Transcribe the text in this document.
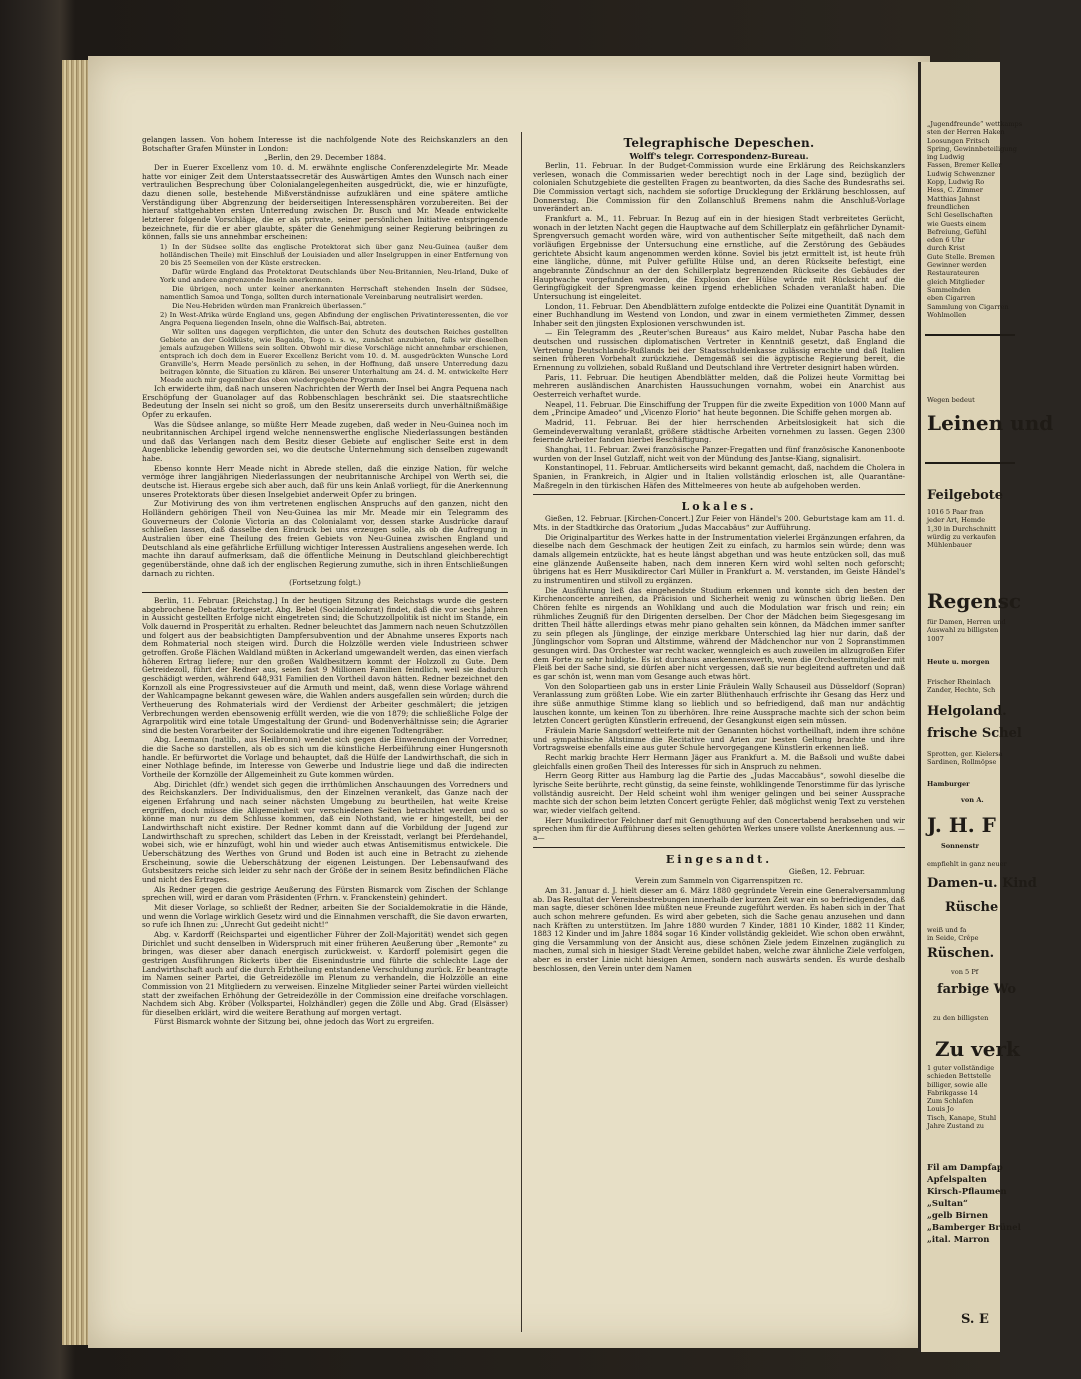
gelangen lassen. Von hohem Interesse ist die nachfolgende Note des Reichskanzlers an den Botschafter Grafen Münster in London:
„Berlin, den 29. December 1884.
Der in Euerer Excellenz vom 10. d. M. erwähnte englische Conferenzdelegirte Mr. Meade hatte vor einiger Zeit dem Unterstaatssecretär des Auswärtigen Amtes den Wunsch nach einer vertraulichen Besprechung über Colonialangelegenheiten ausgedrückt, die, wie er hinzufügte, dazu dienen solle, bestehende Mißverständnisse aufzuklären und eine spätere amtliche Verständigung über Abgrenzung der beiderseitigen Interessensphären vorzubereiten. Bei der hierauf stattgehabten ersten Unterredung zwischen Dr. Busch und Mr. Meade entwickelte letzterer folgende Vorschläge, die er als private, seiner persönlichen Initiative entspringende bezeichnete, für die er aber glaubte, später die Genehmigung seiner Regierung beibringen zu können, falls sie uns annehmbar erscheinen:
1) In der Südsee sollte das englische Protektorat sich über ganz Neu-Guinea (außer dem holländischen Theile) mit Einschluß der Louisiaden und aller Inselgruppen in einer Entfernung von 20 bis 25 Seemeilen von der Küste erstrecken.
Dafür würde England das Protektorat Deutschlands über Neu-Britannien, Neu-Irland, Duke of York und andere angrenzende Inseln anerkennen.
Die übrigen, noch unter keiner anerkannten Herrschaft stehenden Inseln der Südsee, namentlich Samoa und Tonga, sollten durch internationale Vereinbarung neutralisirt werden.
Die Neu-Hebriden würden man Frankreich überlassen.“
2) In West-Afrika würde England uns, gegen Abfindung der englischen Privatinteressenten, die vor Angra Pequena liegenden Inseln, ohne die Walfisch-Bai, abtreten.
Wir sollten uns dagegen verpflichten, die unter den Schutz des deutschen Reiches gestellten Gebiete an der Goldküste, wie Bagaida, Togo u. s. w., zunächst anzubieten, falls wir dieselben jemals aufzugeben Willens sein sollten. Obwohl mir diese Vorschläge nicht annehmbar erschienen, entsprach ich doch dem in Euerer Excellenz Bericht vom 10. d. M. ausgedrückten Wunsche Lord Granville's, Herrn Meade persönlich zu sehen, in der Hoffnung, daß unsere Unterredung dazu beitragen könnte, die Situation zu klären. Bei unserer Unterhaltung am 24. d. M. entwickelte Herr Meade auch mir gegenüber das oben wiedergegebene Programm.
Ich erwiderte ihm, daß nach unseren Nachrichten der Werth der Insel bei Angra Pequena nach Erschöpfung der Guanolager auf das Robbenschlagen beschränkt sei. Die staatsrechtliche Bedeutung der Inseln sei nicht so groß, um den Besitz unsererseits durch unverhältnißmäßige Opfer zu erkaufen.
Was die Südsee anlange, so müßte Herr Meade zugeben, daß weder in Neu-Guinea noch im neubritannischen Archipel irgend welche nennenswerthe englische Niederlassungen beständen und daß das Verlangen nach dem Besitz dieser Gebiete auf englischer Seite erst in dem Augenblicke lebendig geworden sei, wo die deutsche Unternehmung sich denselben zugewandt habe.
Ebenso konnte Herr Meade nicht in Abrede stellen, daß die einzige Nation, für welche vermöge ihrer langjährigen Niederlassungen der neubritannische Archipel von Werth sei, die deutsche ist. Hieraus ergebe sich aber auch, daß für uns kein Anlaß vorliegt, für die Anerkennung unseres Protektorats über diesen Inselgebiet anderweit Opfer zu bringen.
Zur Motivirung des von ihm vertretenen englischen Anspruchs auf den ganzen, nicht den Holländern gehörigen Theil von Neu-Guinea las mir Mr. Meade mir ein Telegramm des Gouverneurs der Colonie Victoria an das Colonialamt vor, dessen starke Ausdrücke darauf schließen lassen, daß dasselbe den Eindruck bei uns erzeugen solle, als ob die Aufregung in Australien über eine Theilung des freien Gebiets von Neu-Guinea zwischen England und Deutschland als eine gefährliche Erfüllung wichtiger Interessen Australiens angesehen werde. Ich machte ihn darauf aufmerksam, daß die öffentliche Meinung in Deutschland gleichberechtigt gegenüberstände, ohne daß ich der englischen Regierung zumuthe, sich in ihren Entschließungen darnach zu richten.
(Fortsetzung folgt.)
Berlin, 11. Februar. [Reichstag.] In der heutigen Sitzung des Reichstags wurde die gestern abgebrochene Debatte fortgesetzt. Abg. Bebel (Socialdemokrat) findet, daß die vor sechs Jahren in Aussicht gestellten Erfolge nicht eingetreten sind; die Schutzzollpolitik ist nicht im Stande, ein Volk dauernd in Prosperität zu erhalten. Redner beleuchtet das Jammern nach neuen Schutzzöllen und folgert aus der beabsichtigten Dampfersubvention und der Abnahme unseres Exports nach dem Rohmaterial noch steigen wird. Durch die Holzzölle werden viele Industrieen schwer getroffen. Große Flächen Waldland müßten in Ackerland umgewandelt werden, das einen vierfach höheren Ertrag liefere; nur den großen Waldbesitzern kommt der Holzzoll zu Gute. Dem Getreidezoll, führt der Redner aus, seien fast 9 Millionen Familien feindlich, weil sie dadurch geschädigt werden, während 648,931 Familien den Vortheil davon hätten. Redner bezeichnet den Kornzoll als eine Progressivsteuer auf die Armuth und meint, daß, wenn diese Vorlage während der Wahlcampagne bekannt gewesen wäre, die Wahlen anders ausgefallen sein würden; durch die Vertheuerung des Rohmaterials wird der Verdienst der Arbeiter geschmälert; die jetzigen Verbrechungen werden ebensowenig erfüllt werden, wie die von 1879; die schließliche Folge der Agrarpolitik wird eine totale Umgestaltung der Grund- und Bodenverhältnisse sein; die Agrarier sind die besten Vorarbeiter der Socialdemokratie und ihre eigenen Todtengräber.
Abg. Leemann (natlib., aus Heilbronn) wendet sich gegen die Einwendungen der Vorredner, die die Sache so darstellen, als ob es sich um die künstliche Herbeiführung einer Hungersnoth handle. Er befürwortet die Vorlage und behauptet, daß die Hülfe der Landwirthschaft, die sich in einer Nothlage befinde, im Interesse von Gewerbe und Industrie liege und daß die indirecten Vortheile der Kornzölle der Allgemeinheit zu Gute kommen würden.
Abg. Dirichlet (dfr.) wendet sich gegen die irrthümlichen Anschauungen des Vorredners und des Reichskanzlers. Der Individualismus, den der Einzelnen verankelt, das Ganze nach der eigenen Erfahrung und nach seiner nächsten Umgebung zu beurtheilen, hat weite Kreise ergriffen, doch müsse die Allgemeinheit vor verschiedenen Seiten betrachtet werden und so könne man nur zu dem Schlusse kommen, daß ein Nothstand, wie er hingestellt, bei der Landwirthschaft nicht existire. Der Redner kommt dann auf die Vorbildung der Jugend zur Landwirthschaft zu sprechen, schildert das Leben in der Kreisstadt, verlangt bei Pferdehandel, wobei sich, wie er hinzufügt, wohl hin und wieder auch etwas Antisemitismus entwickele. Die Ueberschätzung des Werthes von Grund und Boden ist auch eine in Betracht zu ziehende Erscheinung, sowie die Ueberschätzung der eigenen Leistungen. Der Lebensaufwand des Gutsbesitzers reiche sich leider zu sehr nach der Größe der in seinem Besitz befindlichen Fläche und nicht des Ertrages.
Als Redner gegen die gestrige Aeußerung des Fürsten Bismarck vom Zischen der Schlange sprechen will, wird er daran vom Präsidenten (Frhrn. v. Franckenstein) gehindert.
Mit dieser Vorlage, so schließt der Redner, arbeiten Sie der Socialdemokratie in die Hände, und wenn die Vorlage wirklich Gesetz wird und die Einnahmen verschafft, die Sie davon erwarten, so rufe ich Ihnen zu: „Unrecht Gut gedeiht nicht!“
Abg. v. Kardorff (Reichspartei und eigentlicher Führer der Zoll-Majorität) wendet sich gegen Dirichlet und sucht denselben in Widerspruch mit einer früheren Aeußerung über „Remonte“ zu bringen, was dieser aber danach energisch zurückweist. v. Kardorff polemisirt gegen die gestrigen Ausführungen Rickerts über die Eisenindustrie und führte die schlechte Lage der Landwirthschaft auch auf die durch Erbtheilung entstandene Verschuldung zurück. Er beantragte im Namen seiner Partei, die Getreidezölle im Plenum zu verhandeln, die Holzzölle an eine Commission von 21 Mitgliedern zu verweisen. Einzelne Mitglieder seiner Partei würden vielleicht statt der zweifachen Erhöhung der Getreidezölle in der Commission eine dreifache vorschlagen. Nachdem sich Abg. Kröber (Volkspartei, Holzhändler) gegen die Zölle und Abg. Grad (Elsässer) für dieselben erklärt, wird die weitere Berathung auf morgen vertagt.
Fürst Bismarck wohnte der Sitzung bei, ohne jedoch das Wort zu ergreifen.
Telegraphische Depeschen.
Wolff's telegr. Correspondenz-Bureau.
Berlin, 11. Februar. In der Budget-Commission wurde eine Erklärung des Reichskanzlers verlesen, wonach die Commissarien weder berechtigt noch in der Lage sind, bezüglich der colonialen Schutzgebiete die gestellten Fragen zu beantworten, da dies Sache des Bundesraths sei. Die Commission vertagt sich, nachdem sie sofortige Drucklegung der Erklärung beschlossen, auf Donnerstag. Die Commission für den Zollanschluß Bremens nahm die Anschluß-Vorlage unverändert an.
Frankfurt a. M., 11. Februar. In Bezug auf ein in der hiesigen Stadt verbreitetes Gerücht, wonach in der letzten Nacht gegen die Hauptwache auf dem Schillerplatz ein gefährlicher Dynamit-Sprengversuch gemacht worden wäre, wird von authentischer Seite mitgetheilt, daß nach dem vorläufigen Ergebnisse der Untersuchung eine ernstliche, auf die Zerstörung des Gebäudes gerichtete Absicht kaum angenommen werden könne. Soviel bis jetzt ermittelt ist, ist heute früh eine längliche, dünne, mit Pulver gefüllte Hülse und, an deren Rückseite befestigt, eine angebrannte Zündschnur an der den Schillerplatz begrenzenden Rückseite des Gebäudes der Hauptwache vorgefunden worden, die Explosion der Hülse würde mit Rücksicht auf die Geringfügigkeit der Sprengmasse keinen irgend erheblichen Schaden veranlaßt haben. Die Untersuchung ist eingeleitet.
London, 11. Februar. Den Abendblättern zufolge entdeckte die Polizei eine Quantität Dynamit in einer Buchhandlung im Westend von London, und zwar in einem vermietheten Zimmer, dessen Inhaber seit den jüngsten Explosionen verschwunden ist.
— Ein Telegramm des „Reuter'schen Bureaus“ aus Kairo meldet, Nubar Pascha habe den deutschen und russischen diplomatischen Vertreter in Kenntniß gesetzt, daß England die Vertretung Deutschlands-Rußlands bei der Staatsschuldenkasse zulässig erachte und daß Italien seinen früheren Vorbehalt zurückziehe. Demgemäß sei die ägyptische Regierung bereit, die Ernennung zu vollziehen, sobald Rußland und Deutschland ihre Vertreter designirt haben würden.
Paris, 11. Februar. Die heutigen Abendblätter melden, daß die Polizei heute Vormittag bei mehreren ausländischen Anarchisten Haussuchungen vornahm, wobei ein Anarchist aus Oesterreich verhaftet wurde.
Neapel, 11. Februar. Die Einschiffung der Truppen für die zweite Expedition von 1000 Mann auf dem „Principe Amadeo“ und „Vicenzo Florio“ hat heute begonnen. Die Schiffe gehen morgen ab.
Madrid, 11. Februar. Bei der hier herrschenden Arbeitslosigkeit hat sich die Gemeindeverwaltung veranlaßt, größere städtische Arbeiten vornehmen zu lassen. Gegen 2300 feiernde Arbeiter fanden hierbei Beschäftigung.
Shanghai, 11. Februar. Zwei französische Panzer-Fregatten und fünf französische Kanonenboote wurden von der Insel Gutzlaff, nicht weit von der Mündung des Jantse-Kiang, signalisirt.
Konstantinopel, 11. Februar. Amtlicherseits wird bekannt gemacht, daß, nachdem die Cholera in Spanien, in Frankreich, in Algier und in Italien vollständig erloschen ist, alle Quarantäne-Maßregeln in den türkischen Häfen des Mittelmeeres von heute ab aufgehoben werden.
Lokales.
Gießen, 12. Februar. [Kirchen-Concert.] Zur Feier von Händel's 200. Geburtstage kam am 11. d. Mts. in der Stadtkirche das Oratorium „Judas Maccabäus“ zur Aufführung.
Die Originalpartitur des Werkes hatte in der Instrumentation vielerlei Ergänzungen erfahren, da dieselbe nach dem Geschmack der heutigen Zeit zu einfach, zu harmlos sein würde; denn was damals allgemein entzückte, hat es heute längst abgethan und was heute entzücken soll, das muß eine glänzende Außenseite haben, nach dem inneren Kern wird wohl selten noch geforscht; übrigens hat es Herr Musikdirector Carl Müller in Frankfurt a. M. verstanden, im Geiste Händel's zu instrumentiren und stilvoll zu ergänzen.
Die Ausführung ließ das eingehendste Studium erkennen und konnte sich den besten der Kirchenconcerte anreihen, da Präcision und Sicherheit wenig zu wünschen übrig ließen. Den Chören fehlte es nirgends an Wohlklang und auch die Modulation war frisch und rein; ein rühmliches Zeugniß für den Dirigenten derselben. Der Chor der Mädchen beim Siegesgesang im dritten Theil hätte allerdings etwas mehr piano gehalten sein können, da Mädchen immer sanfter zu sein pflegen als Jünglinge, der einzige merkbare Unterschied lag hier nur darin, daß der Jünglingschor vom Sopran und Altstimme, während der Mädchenchor nur von 2 Sopranstimmen gesungen wird. Das Orchester war recht wacker, wenngleich es auch zuweilen im allzugroßen Eifer dem Forte zu sehr huldigte. Es ist durchaus anerkennenswerth, wenn die Orchestermitglieder mit Fleiß bei der Sache sind, sie dürfen aber nicht vergessen, daß sie nur begleitend auftreten und daß es gar schön ist, wenn man vom Gesange auch etwas hört.
Von den Solopartieen gab uns in erster Linie Fräulein Wally Schauseil aus Düsseldorf (Sopran) Veranlassung zum größten Lobe. Wie ein zarter Blüthenhauch erfrischte ihr Gesang das Herz und ihre süße anmuthige Stimme klang so lieblich und so befriedigend, daß man nur andächtig lauschen konnte, um keinen Ton zu überhören. Ihre reine Aussprache machte sich der schon beim letzten Concert gerügten Künstlerin erfreuend, der Gesangkunst eigen sein müssen.
Fräulein Marie Sangsdorf wetteiferte mit der Genannten höchst vortheilhaft, indem ihre schöne und sympathische Altstimme die Recitative und Arien zur besten Geltung brachte und ihre Vortragsweise ebenfalls eine aus guter Schule hervorgegangene Künstlerin erkennen ließ.
Recht markig brachte Herr Hermann Jäger aus Frankfurt a. M. die Baßsoli und wußte dabei gleichfalls einen großen Theil des Interesses für sich in Anspruch zu nehmen.
Herrn Georg Ritter aus Hamburg lag die Partie des „Judas Maccabäus“, sowohl dieselbe die lyrische Seite berührte, recht günstig, da seine feinste, wohlklingende Tenorstimme für das lyrische vollständig ausreicht. Der Held scheint wohl ihm weniger gelingen und bei seiner Aussprache machte sich der schon beim letzten Concert gerügte Fehler, daß möglichst wenig Text zu verstehen war, wieder vielfach geltend.
Herr Musikdirector Felchner darf mit Genugthuung auf den Concertabend herabsehen und wir sprechen ihm für die Aufführung dieses selten gehörten Werkes unsere vollste Anerkennung aus. —a—
Eingesandt.
Gießen, 12. Februar.
Verein zum Sammeln von Cigarrenspitzen rc.
Am 31. Januar d. J. hielt dieser am 6. März 1880 gegründete Verein eine Generalversammlung ab. Das Resultat der Vereinsbestrebungen innerhalb der kurzen Zeit war ein so befriedigendes, daß man sagte, dieser schönen Idee müßten neue Freunde zugeführt werden. Es haben sich in der That auch schon mehrere gefunden. Es wird aber gebeten, sich die Sache genau anzusehen und dann nach Kräften zu unterstützen. Im Jahre 1880 wurden 7 Kinder, 1881 10 Kinder, 1882 11 Kinder, 1883 12 Kinder und im Jahre 1884 sogar 16 Kinder vollständig gekleidet. Wie schon oben erwähnt, ging die Versammlung von der Ansicht aus, diese schönen Ziele jedem Einzelnen zugänglich zu machen, zumal sich in hiesiger Stadt Vereine gebildet haben, welche zwar ähnliche Ziele verfolgen, aber es in erster Linie nicht hiesigen Armen, sondern nach auswärts senden. Es wurde deshalb beschlossen, den Verein unter dem Namen
„Jugendfreunde“ wettkamps
sten der Herren Haken
Loosungen Fritsch
Spring, Gewinnbeteiligung
ing Ludwig
Fassen, Bremer Keller
Ludwig Schwenzner
Kopp, Ludwig Ro
Hess, C. Zimmer
Matthias Jahnst
freundlichen
Schl Gesellschaften
wie Guests einem
Befreiung, Gefühl
eden 6 Uhr
durch Krist
Gute Stelle. Bremen
Gewinner werden
Restaurateuren
gleich Mitglieder
Sammelnden
eben Cigarren
Sammlung von Cigarren
Wohlmollen
Wegen bedeut
Leinen und
Feilgebote
1016 5 Paar fran
jeder Art, Hemde
1,30 in Durchschnitt
würdig zu verkaufen
Mühlenbauer
Regensc
für Damen, Herren und
Auswahl zu billigsten
1007
Heute u. morgen
Frischer Rheinlach
Zander, Hechte, Sch
Helgoland.
frische Schel
Sprotten, ger. Kielersa
Sardinen, Rollmöpse
Hamburger
von A.
J. H. F
Sonnenstr
empfiehlt in ganz neuer
Damen-u. Kind
Rüsche
weiß und fa
in Seide, Crêpe
Rüschen.
von 5 Pf
farbige Wo
zu den billigsten
Zu verk
1 guter vollständige
schieden Bettstelle
billiger, sowie alle
Fabrikgasse 14
Zum Schlafen
Louis Jo
Tisch, Kanape, Stuhl
Jahre Zustand zu
Fil am Dampfap
Apfelspalten
Kirsch-Pflaumen
„Sultan“
„gelb Birnen
„Bamberger Brünel
„ital. Marron
S. E
